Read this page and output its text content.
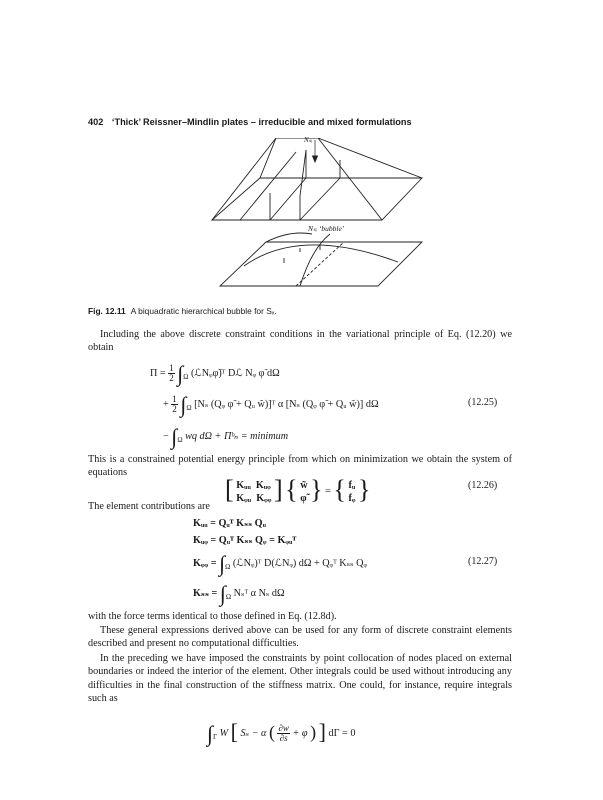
402 ‘Thick’ Reissner–Mindlin plates – irreducible and mixed formulations
Nₛᵢ
Nₛᵢ ‘bubble’
Fig. 12.11 A biquadratic hierarchical bubble for Sₓ.
Including the above discrete constraint conditions in the variational principle of Eq. (12.20) we obtain
$\Pi = \frac{1}{2} \int_\Omega$ (ℒNᵩφ̃)ᵀ Dℒ Nᵩ φ̃ dΩ
+ $\frac{1}{2} \int_\Omega$ [Nₛ (Qᵩ φ̃ + Qᵤ w̃)]ᵀ α [Nₛ (Qᵩ φ̃ + Qᵤ w̃)] dΩ	(12.25)
− $\int_\Omega$ wq dΩ + Πᵇₙ = minimum
This is a constrained potential energy principle from which on minimization we obtain the system of equations
[ Kᵤᵤ Kᵤᵩ
Kᵩᵤ Kᵩᵩ ] { w̃
φ̃ } = { fᵤ
fᵩ }	(12.26)
The element contributions are
Kᵤᵤ = Qᵤᵀ Kₛₛ Qᵤ
Kᵤᵩ = Qᵤᵀ Kₛₛ Qᵩ = Kᵩᵤᵀ
Kᵩᵩ = $\int_\Omega$ (ℒNᵩ)ᵀ D(ℒNᵩ) dΩ + Qᵩᵀ Kₛₛ Qᵩ	(12.27)
$K_{ss} = \int_\Omega$ Nₛᵀ α Nₛ dΩ
with the force terms identical to those defined in Eq. (12.8d).
These general expressions derived above can be used for any form of discrete constraint elements described and present no computational difficulties.
In the preceding we have imposed the constraints by point collocation of nodes placed on external boundaries or indeed the interior of the element. Other integrals could be used without introducing any difficulties in the final construction of the stiffness matrix. One could, for instance, require integrals such as
$\int_\Gamma$ W [ Sₛ − α ( $\frac{\partial w}{\partial s} + \varphi$ ) ] dΓ = 0
